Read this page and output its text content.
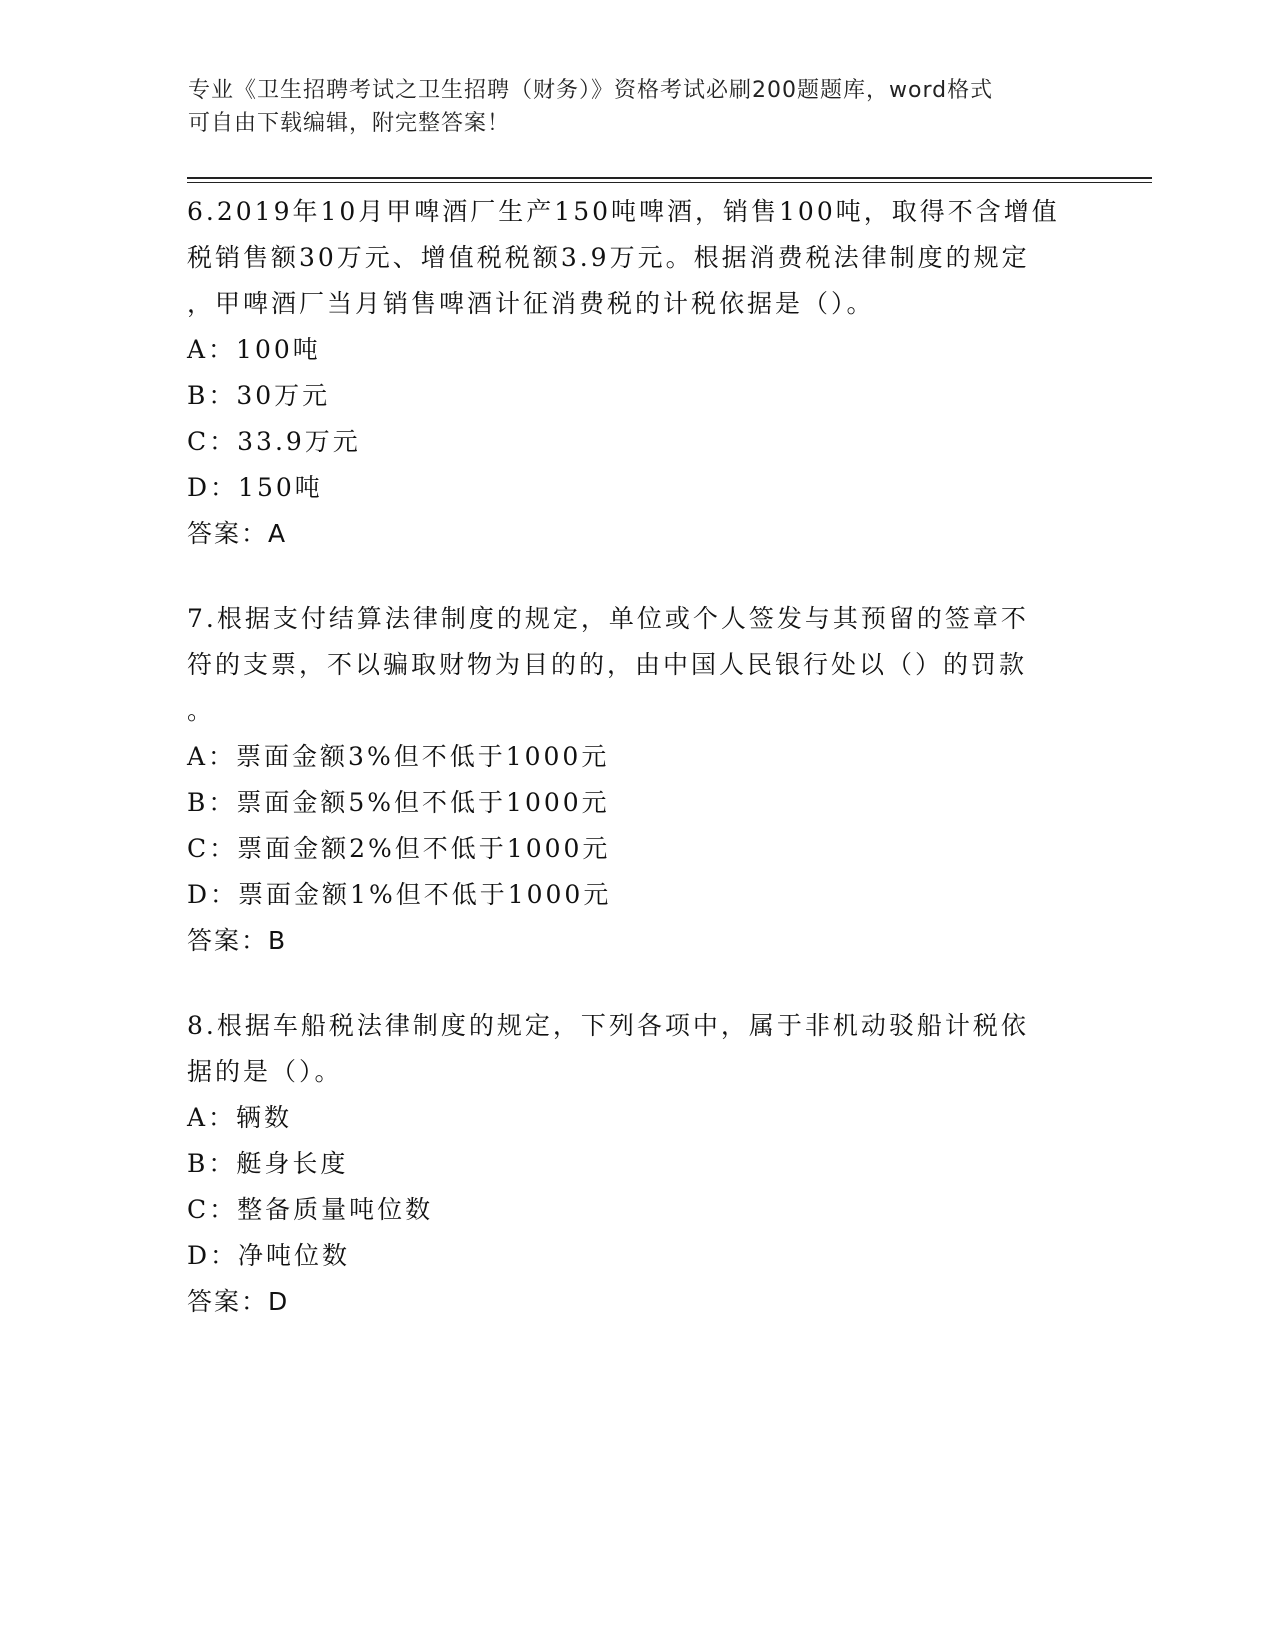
专业《卫生招聘考试之卫生招聘（财务）》资格考试必刷200题题库，word格式
可自由下载编辑，附完整答案！
6.2019年10月甲啤酒厂生产150吨啤酒，销售100吨，取得不含增值
税销售额30万元、增值税税额3.9万元。根据消费税法律制度的规定
，甲啤酒厂当月销售啤酒计征消费税的计税依据是（）。
A：100吨
B：30万元
C：33.9万元
D：150吨
答案：A
7.根据支付结算法律制度的规定，单位或个人签发与其预留的签章不
符的支票，不以骗取财物为目的的，由中国人民银行处以（）的罚款
。
A：票面金额3%但不低于1000元
B：票面金额5%但不低于1000元
C：票面金额2%但不低于1000元
D：票面金额1%但不低于1000元
答案：B
8.根据车船税法律制度的规定，下列各项中，属于非机动驳船计税依
据的是（）。
A：辆数
B：艇身长度
C：整备质量吨位数
D：净吨位数
答案：D
